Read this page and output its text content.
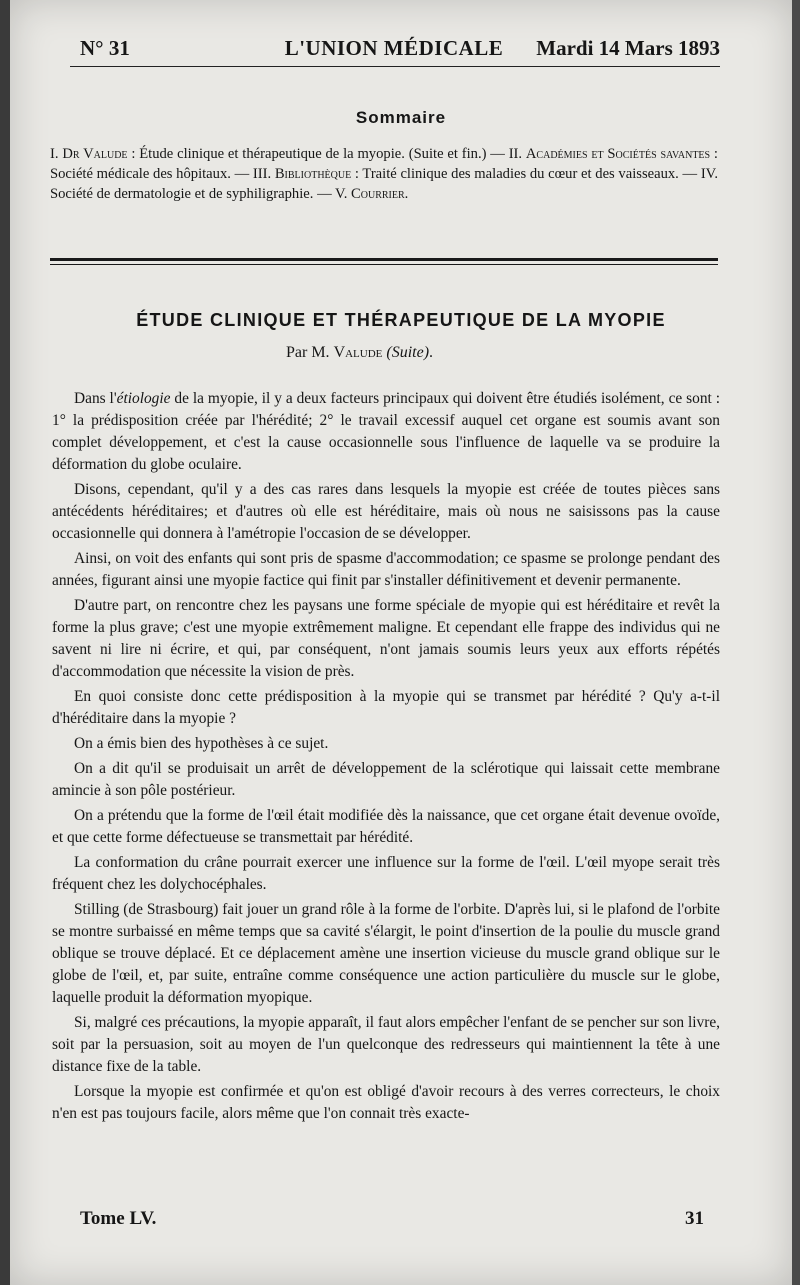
N° 31	L'UNION MÉDICALE	Mardi 14 Mars 1893
Sommaire
I. Dr Valude : Étude clinique et thérapeutique de la myopie. (Suite et fin.) — II. Académies et Sociétés savantes : Société médicale des hôpitaux. — III. Bibliothèque : Traité clinique des maladies du cœur et des vaisseaux. — IV. Société de dermatologie et de syphiligraphie. — V. Courrier.
ÉTUDE CLINIQUE ET THÉRAPEUTIQUE DE LA MYOPIE
Par M. Valude (Suite).

Dans l'étiologie de la myopie, il y a deux facteurs principaux qui doivent être étudiés isolément, ce sont : 1° la prédisposition créée par l'hérédité; 2° le travail excessif auquel cet organe est soumis avant son complet développement, et c'est la cause occasionnelle sous l'influence de laquelle va se produire la déformation du globe oculaire.

Disons, cependant, qu'il y a des cas rares dans lesquels la myopie est créée de toutes pièces sans antécédents héréditaires; et d'autres où elle est héréditaire, mais où nous ne saisissons pas la cause occasionnelle qui donnera à l'amétropie l'occasion de se développer.

Ainsi, on voit des enfants qui sont pris de spasme d'accommodation; ce spasme se prolonge pendant des années, figurant ainsi une myopie factice qui finit par s'installer définitivement et devenir permanente.

D'autre part, on rencontre chez les paysans une forme spéciale de myopie qui est héréditaire et revêt la forme la plus grave; c'est une myopie extrêmement maligne. Et cependant elle frappe des individus qui ne savent ni lire ni écrire, et qui, par conséquent, n'ont jamais soumis leurs yeux aux efforts répétés d'accommodation que nécessite la vision de près.

En quoi consiste donc cette prédisposition à la myopie qui se transmet par hérédité ? Qu'y a-t-il d'héréditaire dans la myopie ?

On a émis bien des hypothèses à ce sujet.

On a dit qu'il se produisait un arrêt de développement de la sclérotique qui laissait cette membrane amincie à son pôle postérieur.

On a prétendu que la forme de l'œil était modifiée dès la naissance, que cet organe était devenue ovoïde, et que cette forme défectueuse se transmettait par hérédité.

La conformation du crâne pourrait exercer une influence sur la forme de l'œil. L'œil myope serait très fréquent chez les dolychocéphales.

Stilling (de Strasbourg) fait jouer un grand rôle à la forme de l'orbite. D'après lui, si le plafond de l'orbite se montre surbaissé en même temps que sa cavité s'élargit, le point d'insertion de la poulie du muscle grand oblique se trouve déplacé. Et ce déplacement amène une insertion vicieuse du muscle grand oblique sur le globe de l'œil, et, par suite, entraîne comme conséquence une action particulière du muscle sur le globe, laquelle produit la déformation myopique.

Si, malgré ces précautions, la myopie apparaît, il faut alors empêcher l'enfant de se pencher sur son livre, soit par la persuasion, soit au moyen de l'un quelconque des redresseurs qui maintiennent la tête à une distance fixe de la table.

Lorsque la myopie est confirmée et qu'on est obligé d'avoir recours à des verres correcteurs, le choix n'en est pas toujours facile, alors même que l'on connait très exacte-

Tome LV.	31
